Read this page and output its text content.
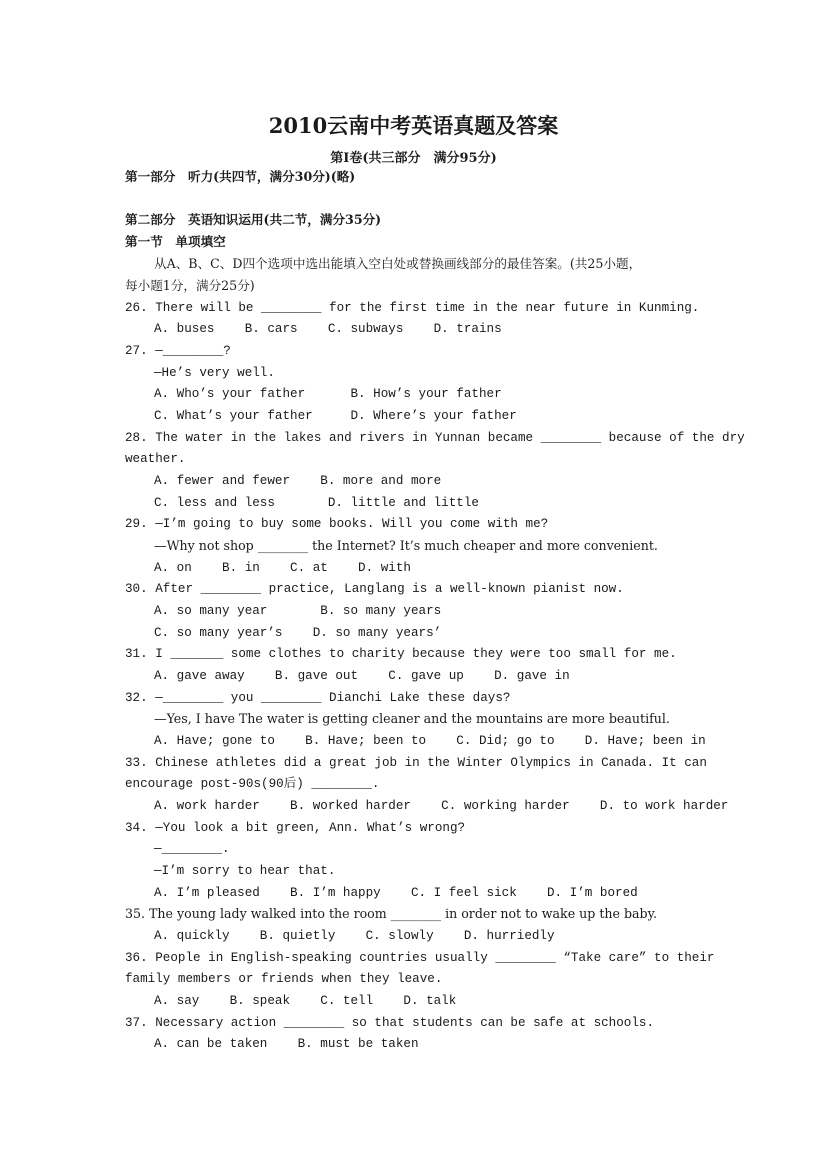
2010云南中考英语真题及答案
第Ⅰ卷(共三部分　满分95分)
第一部分　听力(共四节，满分30分)(略)
第二部分　英语知识运用(共二节，满分35分)
第一节　单项填空
从A、B、C、D四个选项中选出能填入空白处或替换画线部分的最佳答案。(共25小题，
每小题1分，满分25分)
26. There will be ________ for the first time in the near future in Kunming.
A. buses    B. cars    C. subways    D. trains
27. —________?
—He’s very well.
A. Who’s your father      B. How’s your father
C. What’s your father     D. Where’s your father
28. The water in the lakes and rivers in Yunnan became ________ because of the dry
weather.
A. fewer and fewer    B. more and more
C. less and less       D. little and little
29. —I’m going to buy some books. Will you come with me?
—Why not shop ________ the Internet? It’s much cheaper and more convenient.
A. on    B. in    C. at    D. with
30. After ________ practice, Langlang is a well-known pianist now.
A. so many year       B. so many years
C. so many year’s    D. so many years’
31. I _______ some clothes to charity because they were too small for me.
A. gave away    B. gave out    C. gave up    D. gave in
32. —________ you ________ Dianchi Lake these days?
—Yes, I have The water is getting cleaner and the mountains are more beautiful.
A. Have; gone to    B. Have; been to    C. Did; go to    D. Have; been in
33. Chinese athletes did a great job in the Winter Olympics in Canada. It can
encourage post-90s(90后) ________.
A. work harder    B. worked harder    C. working harder    D. to work harder
34. —You look a bit green, Ann. What’s wrong?
—________.
—I’m sorry to hear that.
A. I’m pleased    B. I’m happy    C. I feel sick    D. I’m bored
35. The young lady walked into the room ________ in order not to wake up the baby.
A. quickly    B. quietly    C. slowly    D. hurriedly
36. People in English-speaking countries usually ________ “Take care” to their
family members or friends when they leave.
A. say    B. speak    C. tell    D. talk
37. Necessary action ________ so that students can be safe at schools.
A. can be taken    B. must be taken
